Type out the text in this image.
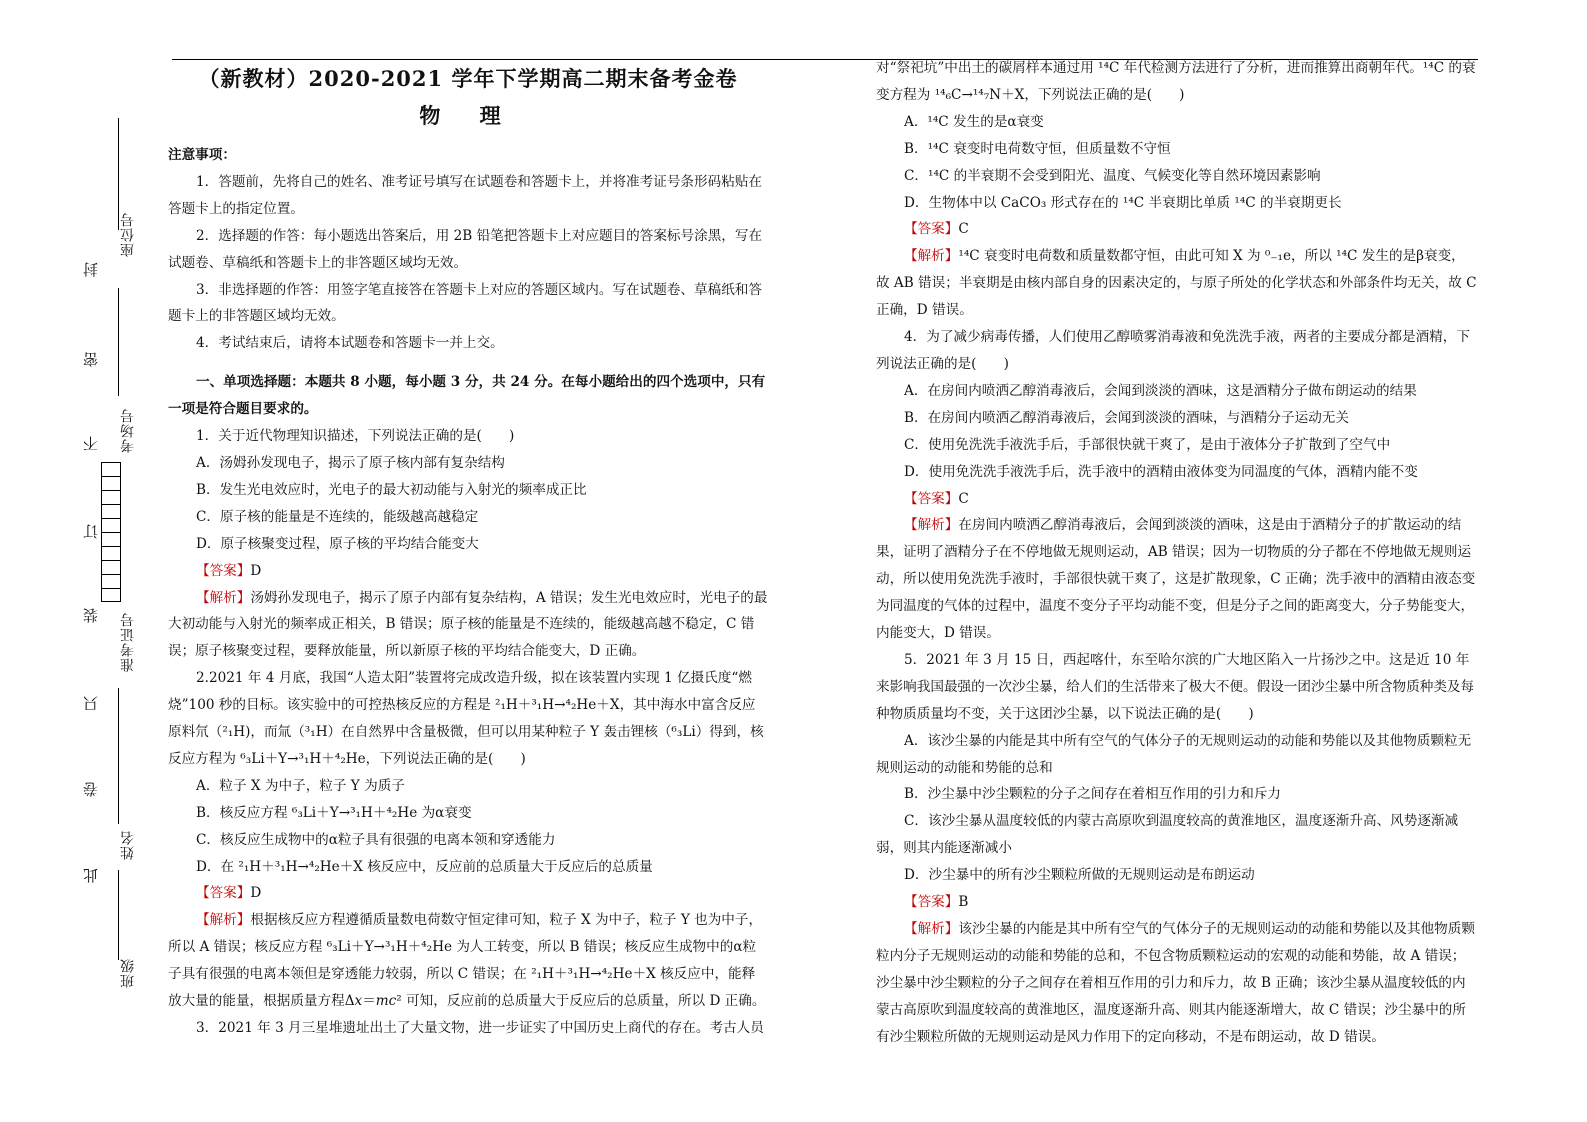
座位号
考场号
准考证号
姓名
班级
封
密
不
订
装
只
卷
此

（新教材）2020-2021 学年下学期高二期末备考金卷

物 理

注意事项：

1．答题前，先将自己的姓名、准考证号填写在试题卷和答题卡上，并将准考证号条形码粘贴在答题卡上的指定位置。

2．选择题的作答：每小题选出答案后，用 2B 铅笔把答题卡上对应题目的答案标号涂黑，写在试题卷、草稿纸和答题卡上的非答题区域均无效。

3．非选择题的作答：用签字笔直接答在答题卡上对应的答题区域内。写在试题卷、草稿纸和答题卡上的非答题区域均无效。

4．考试结束后，请将本试题卷和答题卡一并上交。

一、单项选择题：本题共 8 小题，每小题 3 分，共 24 分。在每小题给出的四个选项中，只有一项是符合题目要求的。

1．关于近代物理知识描述，下列说法正确的是(　　)

A．汤姆孙发现电子，揭示了原子核内部有复杂结构

B．发生光电效应时，光电子的最大初动能与入射光的频率成正比

C．原子核的能量是不连续的，能级越高越稳定

D．原子核聚变过程，原子核的平均结合能变大

【答案】D

【解析】汤姆孙发现电子，揭示了原子内部有复杂结构，A 错误；发生光电效应时，光电子的最大初动能与入射光的频率成正相关，B 错误；原子核的能量是不连续的，能级越高越不稳定，C 错误；原子核聚变过程，要释放能量，所以新原子核的平均结合能变大，D 正确。

2.2021 年 4 月底，我国“人造太阳”装置将完成改造升级，拟在该装置内实现 1 亿摄氏度“燃烧”100 秒的目标。该实验中的可控热核反应的方程是 ²₁H＋³₁H→⁴₂He＋X，其中海水中富含反应原料氘（²₁H)，而氚（³₁H）在自然界中含量极微，但可以用某种粒子 Y 轰击锂核（⁶₃Li）得到，核反应方程为 ⁶₃Li＋Y→³₁H＋⁴₂He，下列说法正确的是(　　)

A．粒子 X 为中子，粒子 Y 为质子

B．核反应方程 ⁶₃Li＋Y→³₁H＋⁴₂He 为α衰变

C．核反应生成物中的α粒子具有很强的电离本领和穿透能力

D．在 ²₁H＋³₁H→⁴₂He＋X 核反应中，反应前的总质量大于反应后的总质量

【答案】D

【解析】根据核反应方程遵循质量数电荷数守恒定律可知，粒子 X 为中子，粒子 Y 也为中子，所以 A 错误；核反应方程 ⁶₃Li＋Y→³₁H＋⁴₂He 为人工转变，所以 B 错误；核反应生成物中的α粒子具有很强的电离本领但是穿透能力较弱，所以 C 错误；在 ²₁H＋³₁H→⁴₂He＋X 核反应中，能释放大量的能量，根据质量方程Δ𝑥＝𝑚𝑐² 可知，反应前的总质量大于反应后的总质量，所以 D 正确。

3．2021 年 3 月三星堆遗址出土了大量文物，进一步证实了中国历史上商代的存在。考古人员

对“祭祀坑”中出土的碳屑样本通过用 ¹⁴C 年代检测方法进行了分析，进而推算出商朝年代。¹⁴C 的衰变方程为 ¹⁴₆C→¹⁴₇N＋X，下列说法正确的是(　　)

A．¹⁴C 发生的是α衰变

B．¹⁴C 衰变时电荷数守恒，但质量数不守恒

C．¹⁴C 的半衰期不会受到阳光、温度、气候变化等自然环境因素影响

D．生物体中以 CaCO₃ 形式存在的 ¹⁴C 半衰期比单质 ¹⁴C 的半衰期更长

【答案】C

【解析】¹⁴C 衰变时电荷数和质量数都守恒，由此可知 X 为 ⁰₋₁e，所以 ¹⁴C 发生的是β衰变，故 AB 错误；半衰期是由核内部自身的因素决定的，与原子所处的化学状态和外部条件均无关，故 C 正确，D 错误。

4．为了减少病毒传播，人们使用乙醇喷雾消毒液和免洗洗手液，两者的主要成分都是酒精，下列说法正确的是(　　)

A．在房间内喷洒乙醇消毒液后，会闻到淡淡的酒味，这是酒精分子做布朗运动的结果

B．在房间内喷洒乙醇消毒液后，会闻到淡淡的酒味，与酒精分子运动无关

C．使用免洗洗手液洗手后，手部很快就干爽了，是由于液体分子扩散到了空气中

D．使用免洗洗手液洗手后，洗手液中的酒精由液体变为同温度的气体，酒精内能不变

【答案】C

【解析】在房间内喷洒乙醇消毒液后，会闻到淡淡的酒味，这是由于酒精分子的扩散运动的结果，证明了酒精分子在不停地做无规则运动，AB 错误；因为一切物质的分子都在不停地做无规则运动，所以使用免洗洗手液时，手部很快就干爽了，这是扩散现象，C 正确；洗手液中的酒精由液态变为同温度的气体的过程中，温度不变分子平均动能不变，但是分子之间的距离变大，分子势能变大，内能变大，D 错误。

5．2021 年 3 月 15 日，西起喀什，东至哈尔滨的广大地区陷入一片扬沙之中。这是近 10 年来影响我国最强的一次沙尘暴，给人们的生活带来了极大不便。假设一团沙尘暴中所含物质种类及每种物质质量均不变，关于这团沙尘暴，以下说法正确的是(　　)

A．该沙尘暴的内能是其中所有空气的气体分子的无规则运动的动能和势能以及其他物质颗粒无规则运动的动能和势能的总和

B．沙尘暴中沙尘颗粒的分子之间存在着相互作用的引力和斥力

C．该沙尘暴从温度较低的内蒙古高原吹到温度较高的黄淮地区，温度逐渐升高、风势逐渐减弱，则其内能逐渐减小

D．沙尘暴中的所有沙尘颗粒所做的无规则运动是布朗运动

【答案】B

【解析】该沙尘暴的内能是其中所有空气的气体分子的无规则运动的动能和势能以及其他物质颗粒内分子无规则运动的动能和势能的总和，不包含物质颗粒运动的宏观的动能和势能，故 A 错误；沙尘暴中沙尘颗粒的分子之间存在着相互作用的引力和斥力，故 B 正确；该沙尘暴从温度较低的内蒙古高原吹到温度较高的黄淮地区，温度逐渐升高、则其内能逐渐增大，故 C 错误；沙尘暴中的所有沙尘颗粒所做的无规则运动是风力作用下的定向移动，不是布朗运动，故 D 错误。
